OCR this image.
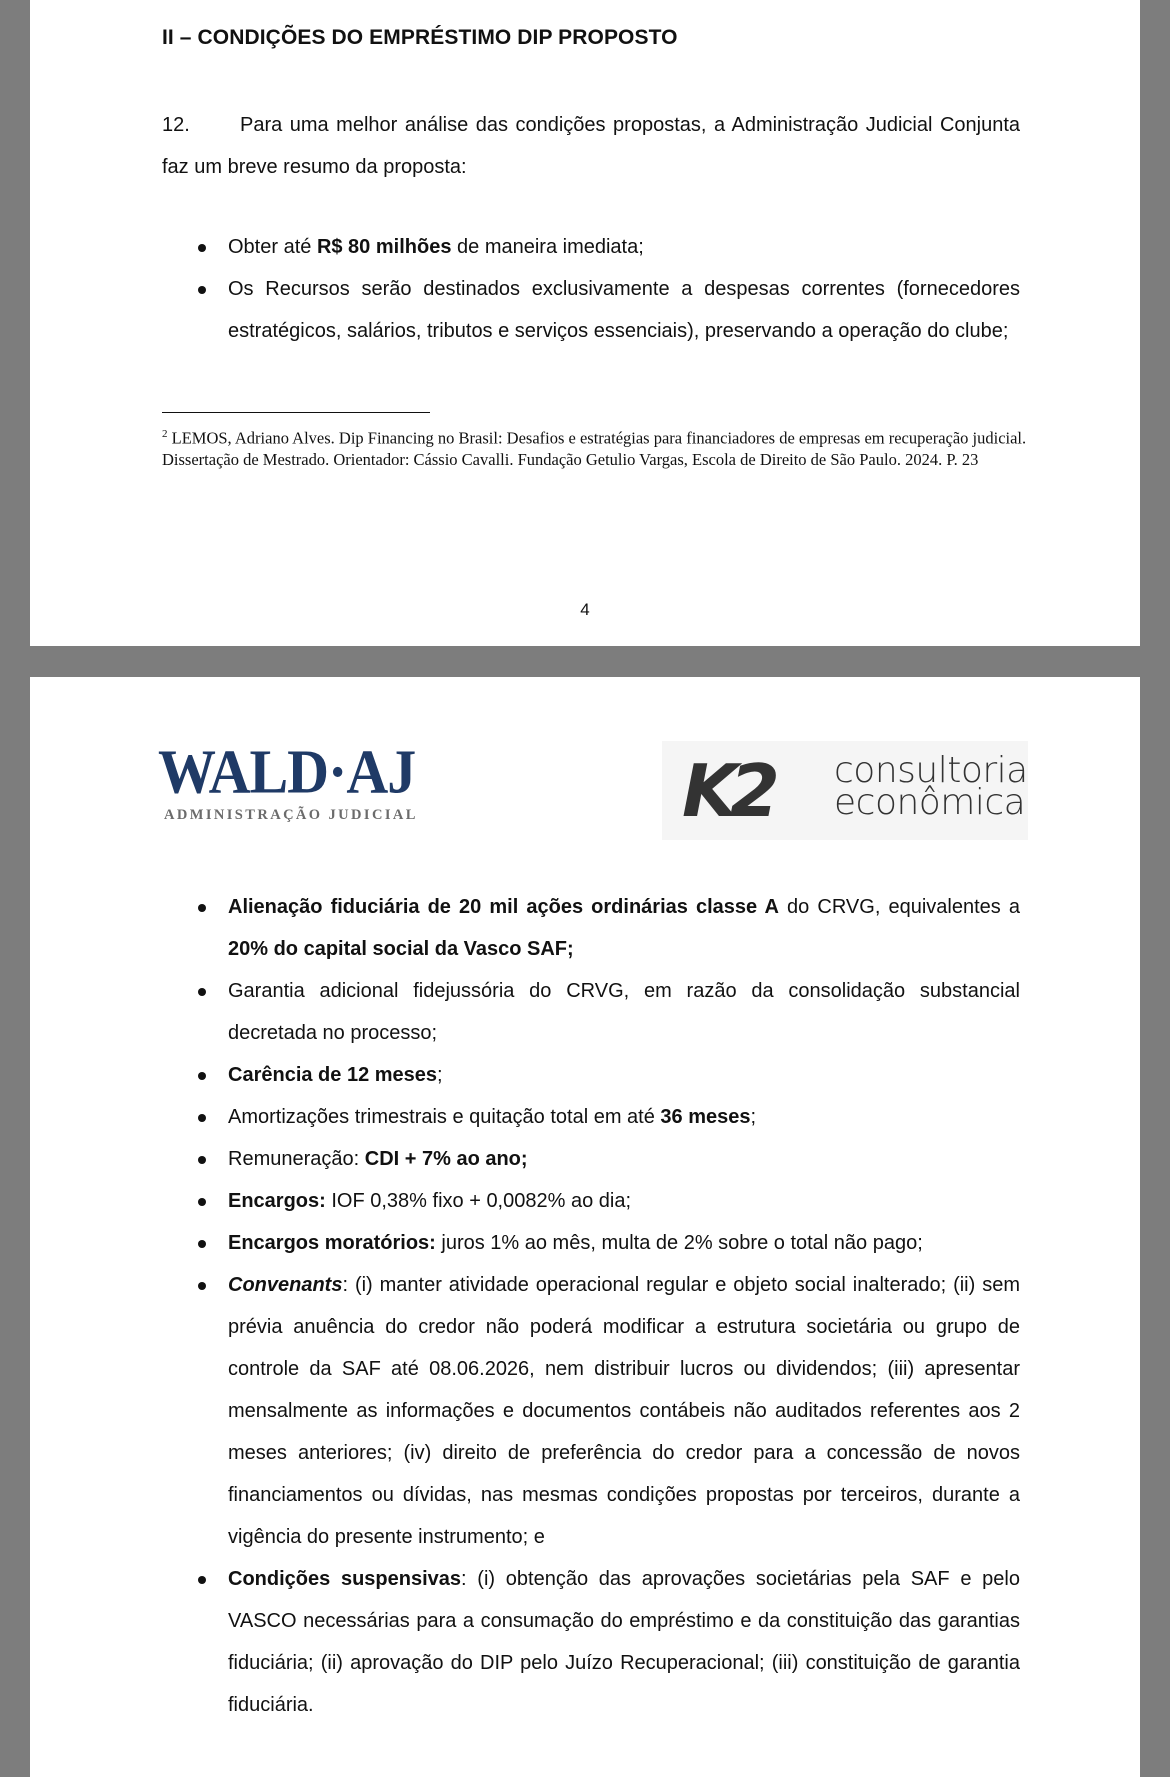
II – CONDIÇÕES DO EMPRÉSTIMO DIP PROPOSTO
12.	Para uma melhor análise das condições propostas, a Administração Judicial Conjunta faz um breve resumo da proposta:
Obter até R$ 80 milhões de maneira imediata;
Os Recursos serão destinados exclusivamente a despesas correntes (fornecedores estratégicos, salários, tributos e serviços essenciais), preservando a operação do clube;
$^2$ LEMOS, Adriano Alves. Dip Financing no Brasil: Desafios e estratégias para financiadores de empresas em recuperação judicial. Dissertação de Mestrado. Orientador: Cássio Cavalli. Fundação Getulio Vargas, Escola de Direito de São Paulo. 2024. P. 23
4
WALD·AJ
ADMINISTRAÇÃO JUDICIAL	K2 consultoria
econômica
Alienação fiduciária de 20 mil ações ordinárias classe A do CRVG, equivalentes a 20% do capital social da Vasco SAF;
Garantia adicional fidejussória do CRVG, em razão da consolidação substancial decretada no processo;
Carência de 12 meses;
Amortizações trimestrais e quitação total em até 36 meses;
Remuneração: CDI + 7% ao ano;
Encargos: IOF 0,38% fixo + 0,0082% ao dia;
Encargos moratórios: juros 1% ao mês, multa de 2% sobre o total não pago;
Convenants: (i) manter atividade operacional regular e objeto social inalterado; (ii) sem prévia anuência do credor não poderá modificar a estrutura societária ou grupo de controle da SAF até 08.06.2026, nem distribuir lucros ou dividendos; (iii) apresentar mensalmente as informações e documentos contábeis não auditados referentes aos 2 meses anteriores; (iv) direito de preferência do credor para a concessão de novos financiamentos ou dívidas, nas mesmas condições propostas por terceiros, durante a vigência do presente instrumento; e
Condições suspensivas: (i) obtenção das aprovações societárias pela SAF e pelo VASCO necessárias para a consumação do empréstimo e da constituição das garantias fiduciária; (ii) aprovação do DIP pelo Juízo Recuperacional; (iii) constituição de garantia fiduciária.
